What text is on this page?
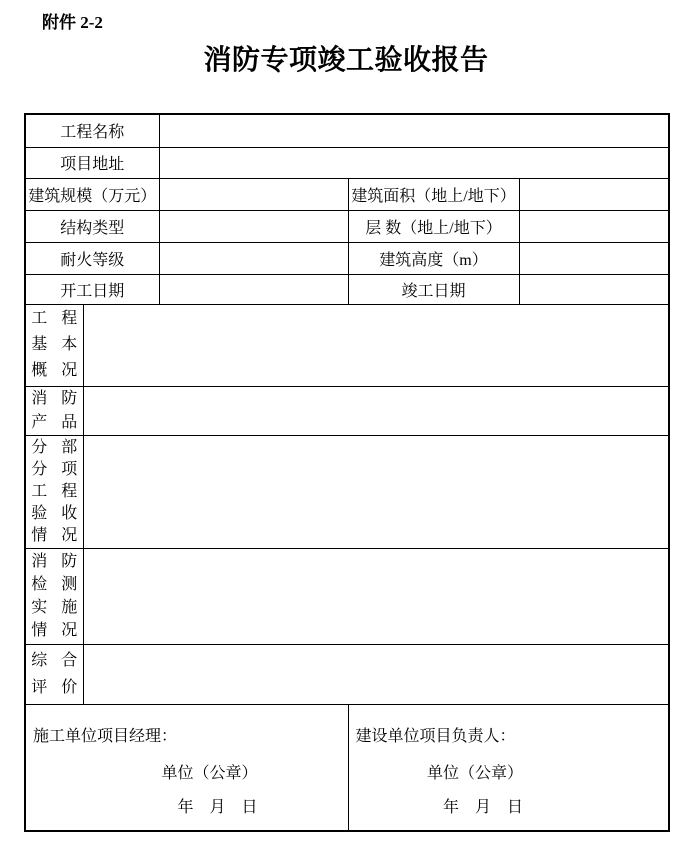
附件 2-2
消防专项竣工验收报告
工程名称				
项目地址				
建筑规模（万元）			建筑面积（地上/地下）	
结构类型			层 数（地上/地下）	
耐火等级			建筑高度（m）	
开工日期			竣工日期	

工 程
基 本
概 况				

消 防
产 品				

分 部
分 项
工 程
验 收
情 况				

消 防
检 测
实 施
情 况				

综 合
评 价				

施工单位项目经理：
单位（公章）
年　月　日

建设单位项目负责人：
单位（公章）
年　月　日
